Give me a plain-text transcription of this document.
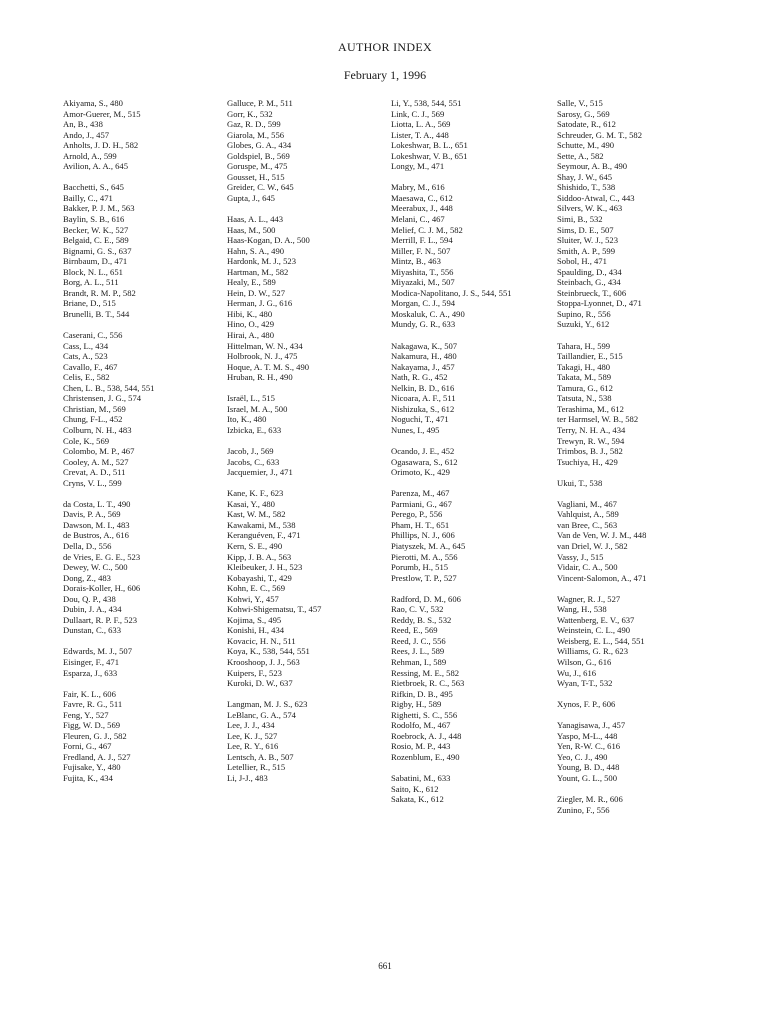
AUTHOR INDEX
February 1, 1996
Akiyama, S., 480
Amor-Guerer, M., 515
An, B., 438
Ando, J., 457
Anholts, J. D. H., 582
Arnold, A., 599
Avilion, A. A., 645
Bacchetti, S., 645
Bailly, C., 471
Bakker, P. J. M., 563
Baylin, S. B., 616
Becker, W. K., 527
Belgaid, C. E., 589
Bignami, G. S., 637
Birnbaum, D., 471
Block, N. L., 651
Borg, A. L., 511
Brandt, R. M. P., 582
Briane, D., 515
Brunelli, B. T., 544
Caserani, C., 556
Cass, L., 434
Cats, A., 523
Cavallo, F., 467
Celis, E., 582
Chen, L. B., 538, 544, 551
Christensen, J. G., 574
Christian, M., 569
Chung, F-L., 452
Colburn, N. H., 483
Cole, K., 569
Colombo, M. P., 467
Cooley, A. M., 527
Crevat, A. D., 511
Cryns, V. L., 599
da Costa, L. T., 490
Davis, P. A., 569
Dawson, M. I., 483
de Bustros, A., 616
Della, D., 556
de Vries, E. G. E., 523
Dewey, W. C., 500
Dong, Z., 483
Dorais-Koller, H., 606
Dou, Q. P., 438
Dubin, J. A., 434
Dullaart, R. P. F., 523
Dunstan, C., 633
Edwards, M. J., 507
Eisinger, F., 471
Esparza, J., 633
Fair, K. L., 606
Favre, R. G., 511
Feng, Y., 527
Figg, W. D., 569
Fleuren, G. J., 582
Forni, G., 467
Fredland, A. J., 527
Fujisake, Y., 480
Fujita, K., 434
Galluce, P. M., 511
Gorr, K., 532
Gaz, R. D., 599
Giarola, M., 556
Globes, G. A., 434
Goldspiel, B., 569
Goruspe, M., 475
Gousset, H., 515
Greider, C. W., 645
Gupta, J., 645
Haas, A. L., 443
Haas, M., 500
Haas-Kogan, D. A., 500
Hahn, S. A., 490
Hardonk, M. J., 523
Hartman, M., 582
Healy, E., 589
Hein, D. W., 527
Herman, J. G., 616
Hibi, K., 480
Hino, O., 429
Hirai, A., 480
Hittelman, W. N., 434
Holbrook, N. J., 475
Hoque, A. T. M. S., 490
Hruban, R. H., 490
Israël, L., 515
Israel, M. A., 500
Ito, K., 480
Izbicka, E., 633
Jacob, J., 569
Jacobs, C., 633
Jacquemier, J., 471
Kane, K. F., 623
Kasai, Y., 480
Kast, W. M., 582
Kawakami, M., 538
Keranguéven, F., 471
Kern, S. E., 490
Kipp, J. B. A., 563
Kleibeuker, J. H., 523
Kobayashi, T., 429
Kohn, E. C., 569
Kohwi, Y., 457
Kohwi-Shigematsu, T., 457
Kojima, S., 495
Konishi, H., 434
Kovacic, H. N., 511
Koya, K., 538, 544, 551
Krooshoop, J. J., 563
Kuipers, F., 523
Kuroki, D. W., 637
Langman, M. J. S., 623
LeBlanc, G. A., 574
Lee, J. J., 434
Lee, K. J., 527
Lee, R. Y., 616
Lentsch, A. B., 507
Letellier, R., 515
Li, J-J., 483
Li, Y., 538, 544, 551
Link, C. J., 569
Liotta, L. A., 569
Lister, T. A., 448
Lokeshwar, B. L., 651
Lokeshwar, V. B., 651
Longy, M., 471
Mabry, M., 616
Maesawa, C., 612
Meerabux, J., 448
Melani, C., 467
Melief, C. J. M., 582
Merrill, F. L., 594
Miller, F. N., 507
Mintz, B., 463
Miyashita, T., 556
Miyazaki, M., 507
Modica-Napolitano, J. S., 544, 551
Morgan, C. J., 594
Moskaluk, C. A., 490
Mundy, G. R., 633
Nakagawa, K., 507
Nakamura, H., 480
Nakayama, J., 457
Nath, R. G., 452
Nelkin, B. D., 616
Nicoara, A. F., 511
Nishizuka, S., 612
Noguchi, T., 471
Nunes, I., 495
Ocando, J. E., 452
Ogasawara, S., 612
Orimoto, K., 429
Parenza, M., 467
Parmiani, G., 467
Perego, P., 556
Pham, H. T., 651
Phillips, N. J., 606
Piatyszek, M. A., 645
Pierotti, M. A., 556
Porumb, H., 515
Prestlow, T. P., 527
Radford, D. M., 606
Rao, C. V., 532
Reddy, B. S., 532
Reed, E., 569
Reed, J. C., 556
Rees, J. L., 589
Rehman, I., 589
Ressing, M. E., 582
Rietbroek, R. C., 563
Rifkin, D. B., 495
Rigby, H., 589
Righetti, S. C., 556
Rodolfo, M., 467
Roebrock, A. J., 448
Rosio, M. P., 443
Rozenblum, E., 490
Sabatini, M., 633
Saito, K., 612
Sakata, K., 612
Salle, V., 515
Sarosy, G., 569
Satodate, R., 612
Schreuder, G. M. T., 582
Schutte, M., 490
Sette, A., 582
Seymour, A. B., 490
Shay, J. W., 645
Shishido, T., 538
Siddoo-Atwal, C., 443
Silvers, W. K., 463
Simi, B., 532
Sims, D. E., 507
Sluiter, W. J., 523
Smith, A. P., 599
Sobol, H., 471
Spaulding, D., 434
Steinbach, G., 434
Steinbrueck, T., 606
Stoppa-Lyonnet, D., 471
Supino, R., 556
Suzuki, Y., 612
Tahara, H., 599
Taillandier, E., 515
Takagi, H., 480
Takata, M., 589
Tamura, G., 612
Tatsuta, N., 538
Terashima, M., 612
ter Harmsel, W. B., 582
Terry, N. H. A., 434
Trewyn, R. W., 594
Trimbos, B. J., 582
Tsuchiya, H., 429
Ukui, T., 538
Vagliani, M., 467
Vahlquist, A., 589
van Bree, C., 563
Van de Ven, W. J. M., 448
van Driel, W. J., 582
Vassy, J., 515
Vidair, C. A., 500
Vincent-Salomon, A., 471
Wagner, R. J., 527
Wang, H., 538
Wattenberg, E. V., 637
Weinstein, C. L., 490
Weisberg, E. L., 544, 551
Williams, G. R., 623
Wilson, G., 616
Wu, J., 616
Wyan, T-T., 532
Xynos, F. P., 606
Yanagisawa, J., 457
Yaspo, M-L., 448
Yen, R-W. C., 616
Yeo, C. J., 490
Young, B. D., 448
Yount, G. L., 500
Ziegler, M. R., 606
Zunino, F., 556
661
